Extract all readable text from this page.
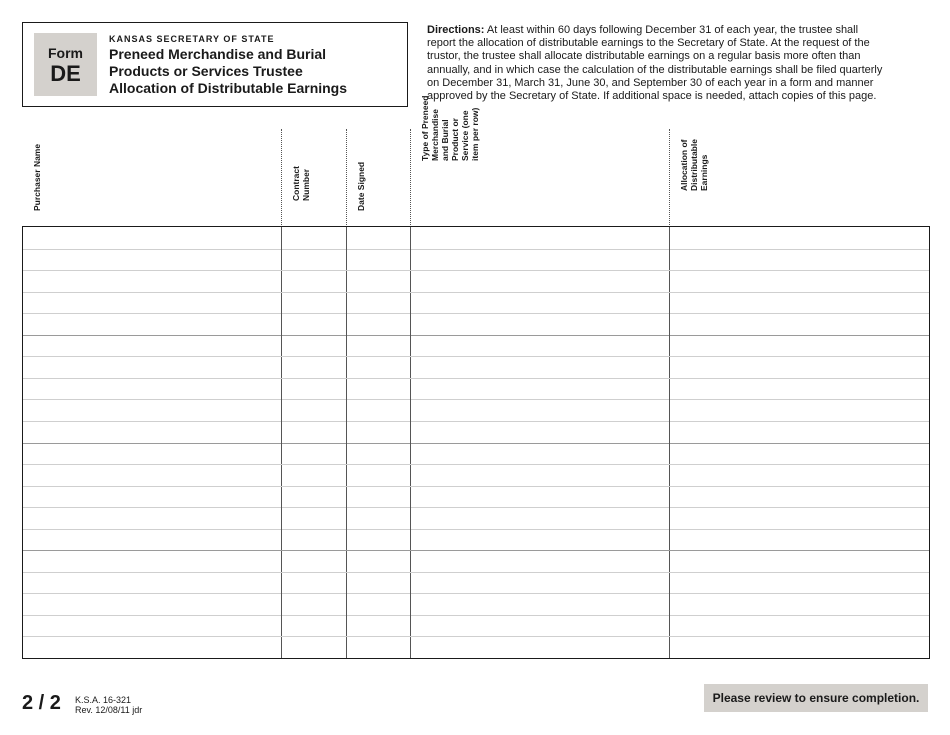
Form
DE
KANSAS SECRETARY OF STATE
Preneed Merchandise and Burial
Products or Services Trustee
Allocation of Distributable Earnings
Directions: At least within 60 days following December 31 of each year, the trustee shall
report the allocation of distributable earnings to the Secretary of State. At the request of the
trustor, the trustee shall allocate distributable earnings on a regular basis more often than
annually, and in which case the calculation of the distributable earnings shall be filed quarterly
on December 31, March 31, June 30, and September 30 of each year in a form and manner
approved by the Secretary of State. If additional space is needed, attach copies of this page.
Purchaser Name	Contract Number	Date Signed
Type of Preneed Merchandise and Burial Product or Service (one item per row)
Allocation of Distributable Earnings
2 / 2 K.S.A. 16-321
Rev. 12/08/11 jdr
Please review to ensure completion.
